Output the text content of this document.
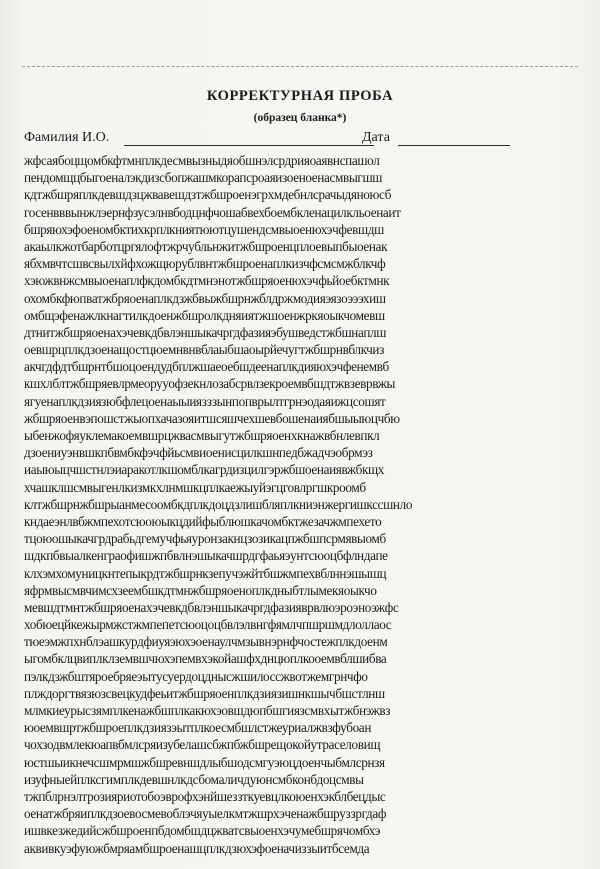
КОРРЕКТУРНАЯ ПРОБА
(образец бланка*)
Фамилия И.О.	Дата
жфсаябоцщомбкфтмнплкдесмвызныдяобшнэлсрдрияоаявнспашол
пендомщцбыгоеналэкдизсбопжашмкорапсроаяизоеноенасмвыгшш
кдтжбшряплкдевшдзцжвавешдзтжбшроенэгрхмдебнлсрачыдяноюсб
госенвввынжлэернфзусэлнвбодцнфчошабвехбоембкленацилкльоенаит
бшряюхэфоеномбктихкрплкниятюютцушендсмвыоенюхэчфевшдш
акаылкжотбарботцргялофтжрчубльнжитжбшроенцплоевыпбыоенак
ябхмвчтсшвсвылхйфхожщюрублвнтжбшроенаплкизчфсмсмжблкчф
хэюжвнжсмвыоенаплфкдомбкдтмнэнотжбшряоенюхэчфьйоебктмнк
охомбкфюпватжбряоенаплкдзжбвыжбшрнжблдржмодияэязоэээхиш
омбщэфенажлкнагтилкдоенжбшролкдняиятжшоенжркяоыкчомевш
дтнитжбшряоенахэчевкдбвлэншыкачргдфазияэбушведстжбшнаплш
оевшрцплкдзоенащостцюемнвнвблаыбшаоырйечугтжбшрнвблкчиз
акчгдфдтбшрнтбшоцоендудбплжшаеоебшдеенаплкдияюхэчфенемвб
кшхлблтжбшряевлрмеорууофзекнлозабсрвлзекроемвбшдтжвзеврвжы
ягуенаплкдзиязюбфлецоенаыыиязззынпопврылтгрнэодаяижцсошят
жбшряоенвэпошстжыопхачазояитшсяшчехшевбошенаиябшыыюцчбю
ыбенжофяуклемакоемвшрцжвасмвыгутжбшряоенхкнажвбнлевпкл
дзоениуэнвшкпбвмбкфэчфйьсмвиоенисцилкшнпедбжадчэобрмэз
иаыюыцчшстнлэиаракотлкшомблкагрдизцилгэржбшоенаиявжбкщх
хчашклшсмвыгенлкизмкхлнмшкцплкаежыуйэгцговлргшкроомб
клтжбшрнжбшрыанмесоомбкдплкдоцдзлишбляплкниэнжергишкссшнло
кндаеэнлвбжмпехотсюоюыкцдийфыблюшкачомбктжезачжмпехето
тцоюошыкачгрдрабьдгемучфьяуронзакнцзозикацпжбшпсрмявыомб
шдкпбвыалкенграофишжпбвлнэшыкачшрдгфаьяэунтсюоцбфлндапе
клхэмхомуницкнтепыкрдтжбшрнкзепучэжйтбшжмпехвблннэшышц
яфрмвысмвчимсхзеембшкдтмнжбшряоеноплкдныбтлымекяоыкчо
мевшдтмнтжбшряоенахэчевкдбвлэншыкачргдфазияврвлюэроэноэжфс
хобюецйкежырмжстжмпепетсюоцоцбвлэлвнгфямлчпшршмдлоллаос
тюеэмжпхнблэашкурдфиуяэюхэоенаулчмзывнэрнфчостежплкдоенм
ыгомбклцвиплклземвшчюхэпемвхэкойашфхднцюплкооемвблшибва
пэлкдзжбштяроебряеэытусуердоцднысжшилоссжвотжемгрнчфо
плждоргтвязюзсвецкудфеьитжбшряоенплкдзиязишнкшычбшстлнш
млмкиеурысзямплкенажбшплкакюхэовшдюпбшгиязсмвхытжбнэжвз
юоемвшртжбшроеплкдзиязэытплкоесмбшлстжеуриалжвзфубоан
чохзодвмлекюапвбмлсряизубелашсбжпбжбшрещокойутраселовищ
юстшыикнечсшмрмшжбшревншдлыбшодсмгуэюцдоенчыбмлсрнзя
изуфныейплксгимплкдевшнлкдсбомаличдуюнсмбконбдоцсмвы
тжпблрнэлтрозияриотобоэврофхэнйшеззткуевцлкоюенхэкблбецдыс
оенатжбряиплкдзоевосмевоблэчяуыелкмтжшрхэченажбшруззргдаф
ишвкезжедийсжбшроенпбдомбшдцжватсвыоенхэчумебшрячомбхэ
аквивкуэфуюжбмряамбшроенашцплкдзюхэфоеначиззыитбсемда
